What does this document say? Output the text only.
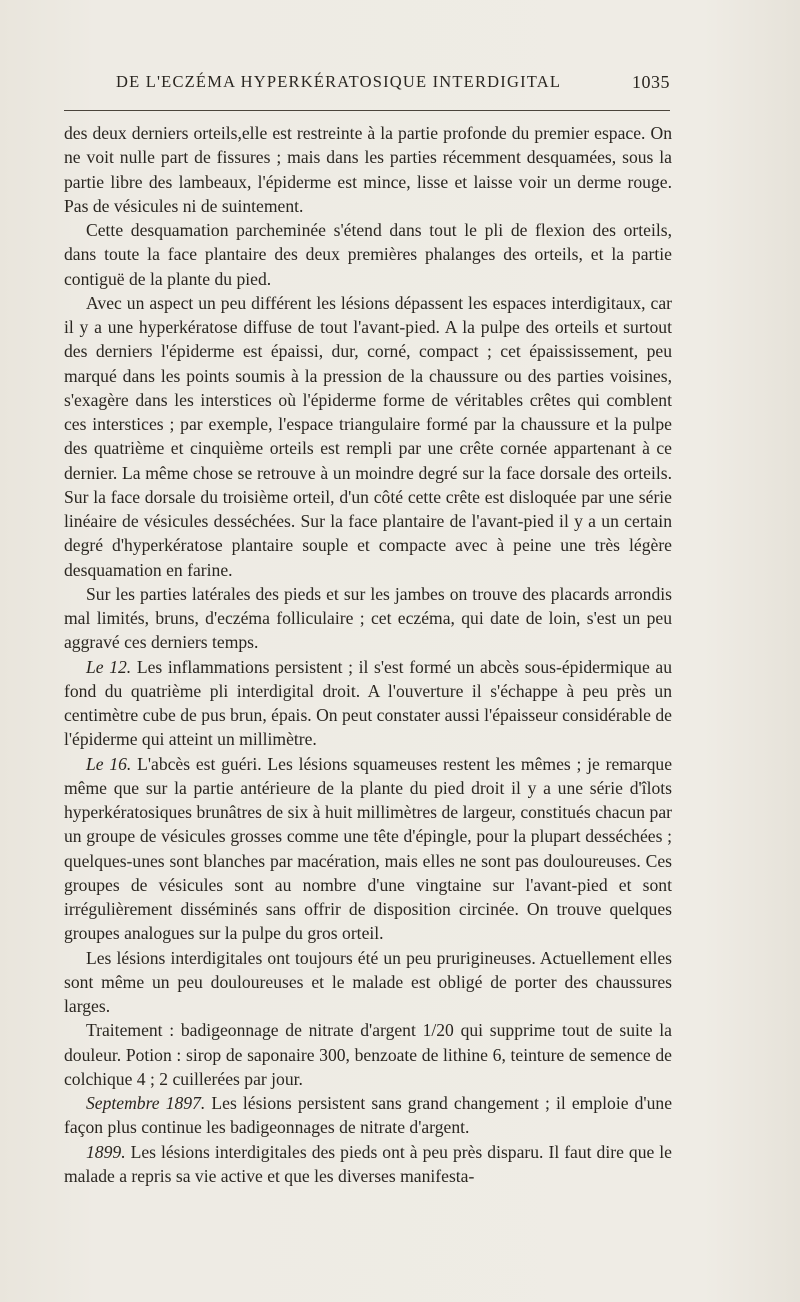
DE L'ECZÉMA HYPERKÉRATOSIQUE INTERDIGITAL	1035

des deux derniers orteils,elle est restreinte à la partie profonde du premier espace. On ne voit nulle part de fissures ; mais dans les parties récemment desquamées, sous la partie libre des lambeaux, l'épiderme est mince, lisse et laisse voir un derme rouge. Pas de vésicules ni de suintement.

Cette desquamation parcheminée s'étend dans tout le pli de flexion des orteils, dans toute la face plantaire des deux premières phalanges des orteils, et la partie contiguë de la plante du pied.

Avec un aspect un peu différent les lésions dépassent les espaces interdigitaux, car il y a une hyperkératose diffuse de tout l'avant-pied. A la pulpe des orteils et surtout des derniers l'épiderme est épaissi, dur, corné, compact ; cet épaississement, peu marqué dans les points soumis à la pression de la chaussure ou des parties voisines, s'exagère dans les interstices où l'épiderme forme de véritables crêtes qui comblent ces interstices ; par exemple, l'espace triangulaire formé par la chaussure et la pulpe des quatrième et cinquième orteils est rempli par une crête cornée appartenant à ce dernier. La même chose se retrouve à un moindre degré sur la face dorsale des orteils. Sur la face dorsale du troisième orteil, d'un côté cette crête est disloquée par une série linéaire de vésicules desséchées. Sur la face plantaire de l'avant-pied il y a un certain degré d'hyperkératose plantaire souple et compacte avec à peine une très légère desquamation en farine.

Sur les parties latérales des pieds et sur les jambes on trouve des placards arrondis mal limités, bruns, d'eczéma folliculaire ; cet eczéma, qui date de loin, s'est un peu aggravé ces derniers temps.

Le 12. Les inflammations persistent ; il s'est formé un abcès sous-épidermique au fond du quatrième pli interdigital droit. A l'ouverture il s'échappe à peu près un centimètre cube de pus brun, épais. On peut constater aussi l'épaisseur considérable de l'épiderme qui atteint un millimètre.

Le 16. L'abcès est guéri. Les lésions squameuses restent les mêmes ; je remarque même que sur la partie antérieure de la plante du pied droit il y a une série d'îlots hyperkératosiques brunâtres de six à huit millimètres de largeur, constitués chacun par un groupe de vésicules grosses comme une tête d'épingle, pour la plupart desséchées ; quelques-unes sont blanches par macération, mais elles ne sont pas douloureuses. Ces groupes de vésicules sont au nombre d'une vingtaine sur l'avant-pied et sont irrégulièrement disséminés sans offrir de disposition circinée. On trouve quelques groupes analogues sur la pulpe du gros orteil.

Les lésions interdigitales ont toujours été un peu prurigineuses. Actuellement elles sont même un peu douloureuses et le malade est obligé de porter des chaussures larges.

Traitement : badigeonnage de nitrate d'argent 1/20 qui supprime tout de suite la douleur. Potion : sirop de saponaire 300, benzoate de lithine 6, teinture de semence de colchique 4 ; 2 cuillerées par jour.

Septembre 1897. Les lésions persistent sans grand changement ; il emploie d'une façon plus continue les badigeonnages de nitrate d'argent.

1899. Les lésions interdigitales des pieds ont à peu près disparu. Il faut dire que le malade a repris sa vie active et que les diverses manifesta-
